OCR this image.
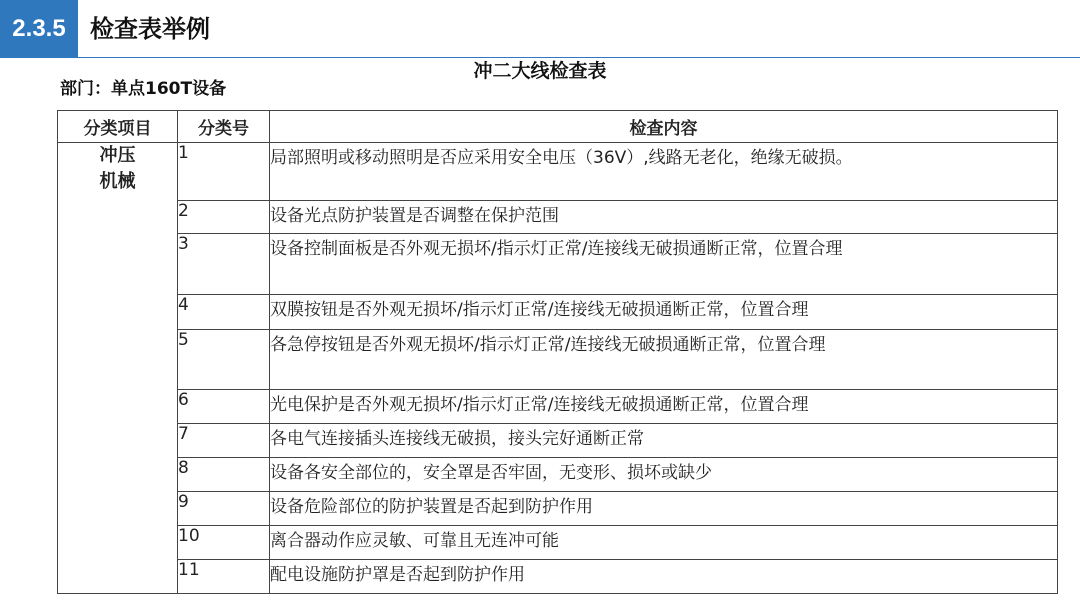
2.3.5	检查表举例
部门：单点160T设备
冲二大线检查表
分类项目	分类号	检查内容

冲压
机械	1	局部照明或移动照明是否应采用安全电压（36V）,线路无老化，绝缘无破损。
	2	设备光点防护装置是否调整在保护范围
	3	设备控制面板是否外观无损坏/指示灯正常/连接线无破损通断正常，位置合理
	4	双膜按钮是否外观无损坏/指示灯正常/连接线无破损通断正常，位置合理
	5	各急停按钮是否外观无损坏/指示灯正常/连接线无破损通断正常，位置合理
	6	光电保护是否外观无损坏/指示灯正常/连接线无破损通断正常，位置合理
	7	各电气连接插头连接线无破损，接头完好通断正常
	8	设备各安全部位的，安全罩是否牢固，无变形、损坏或缺少
	9	设备危险部位的防护装置是否起到防护作用
	10	离合器动作应灵敏、可靠且无连冲可能
	11	配电设施防护罩是否起到防护作用
